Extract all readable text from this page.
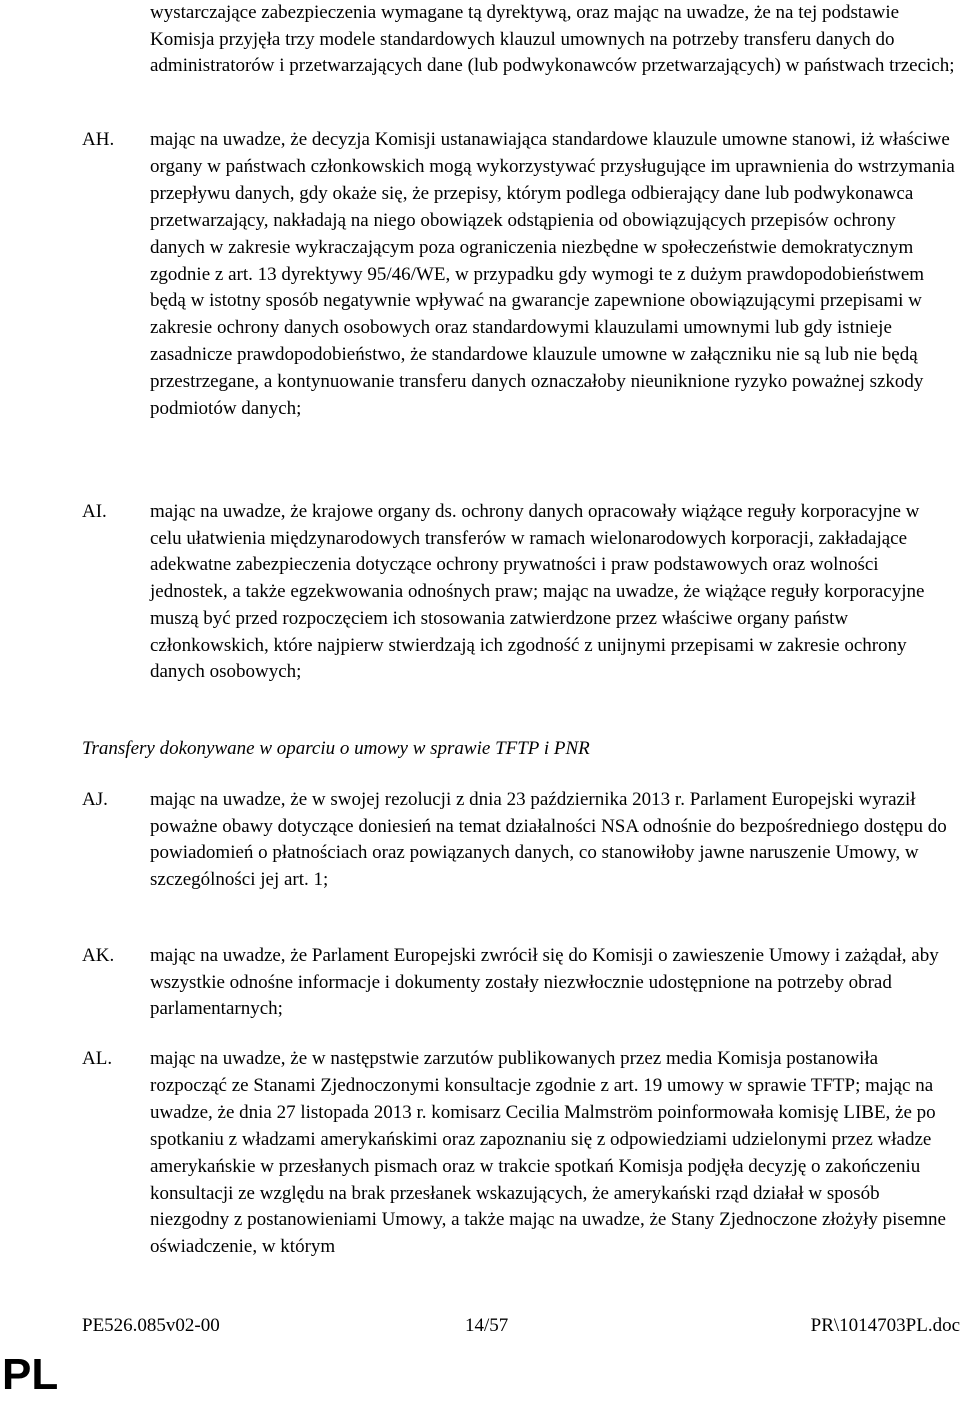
wystarczające zabezpieczenia wymagane tą dyrektywą, oraz mając na uwadze, że na tej podstawie Komisja przyjęła trzy modele standardowych klauzul umownych na potrzeby transferu danych do administratorów i przetwarzających dane (lub podwykonawców przetwarzających) w państwach trzecich;

AH. mając na uwadze, że decyzja Komisji ustanawiająca standardowe klauzule umowne stanowi, iż właściwe organy w państwach członkowskich mogą wykorzystywać przysługujące im uprawnienia do wstrzymania przepływu danych, gdy okaże się, że przepisy, którym podlega odbierający dane lub podwykonawca przetwarzający, nakładają na niego obowiązek odstąpienia od obowiązujących przepisów ochrony danych w zakresie wykraczającym poza ograniczenia niezbędne w społeczeństwie demokratycznym zgodnie z art. 13 dyrektywy 95/46/WE, w przypadku gdy wymogi te z dużym prawdopodobieństwem będą w istotny sposób negatywnie wpływać na gwarancje zapewnione obowiązującymi przepisami w zakresie ochrony danych osobowych oraz standardowymi klauzulami umownymi lub gdy istnieje zasadnicze prawdopodobieństwo, że standardowe klauzule umowne w załączniku nie są lub nie będą przestrzegane, a kontynuowanie transferu danych oznaczałoby nieuniknione ryzyko poważnej szkody podmiotów danych;

AI. mając na uwadze, że krajowe organy ds. ochrony danych opracowały wiążące reguły korporacyjne w celu ułatwienia międzynarodowych transferów w ramach wielonarodowych korporacji, zakładające adekwatne zabezpieczenia dotyczące ochrony prywatności i praw podstawowych oraz wolności jednostek, a także egzekwowania odnośnych praw; mając na uwadze, że wiążące reguły korporacyjne muszą być przed rozpoczęciem ich stosowania zatwierdzone przez właściwe organy państw członkowskich, które najpierw stwierdzają ich zgodność z unijnymi przepisami w zakresie ochrony danych osobowych;

Transfery dokonywane w oparciu o umowy w sprawie TFTP i PNR

AJ. mając na uwadze, że w swojej rezolucji z dnia 23 października 2013 r. Parlament Europejski wyraził poważne obawy dotyczące doniesień na temat działalności NSA odnośnie do bezpośredniego dostępu do powiadomień o płatnościach oraz powiązanych danych, co stanowiłoby jawne naruszenie Umowy, w szczególności jej art. 1;

AK. mając na uwadze, że Parlament Europejski zwrócił się do Komisji o zawieszenie Umowy i zażądał, aby wszystkie odnośne informacje i dokumenty zostały niezwłocznie udostępnione na potrzeby obrad parlamentarnych;

AL. mając na uwadze, że w następstwie zarzutów publikowanych przez media Komisja postanowiła rozpocząć ze Stanami Zjednoczonymi konsultacje zgodnie z art. 19 umowy w sprawie TFTP; mając na uwadze, że dnia 27 listopada 2013 r. komisarz Cecilia Malmström poinformowała komisję LIBE, że po spotkaniu z władzami amerykańskimi oraz zapoznaniu się z odpowiedziami udzielonymi przez władze amerykańskie w przesłanych pismach oraz w trakcie spotkań Komisja podjęła decyzję o zakończeniu konsultacji ze względu na brak przesłanek wskazujących, że amerykański rząd działał w sposób niezgodny z postanowieniami Umowy, a także mając na uwadze, że Stany Zjednoczone złożyły pisemne oświadczenie, w którym

PE526.085v02-00	14/57	PR\1014703PL.doc

PL
